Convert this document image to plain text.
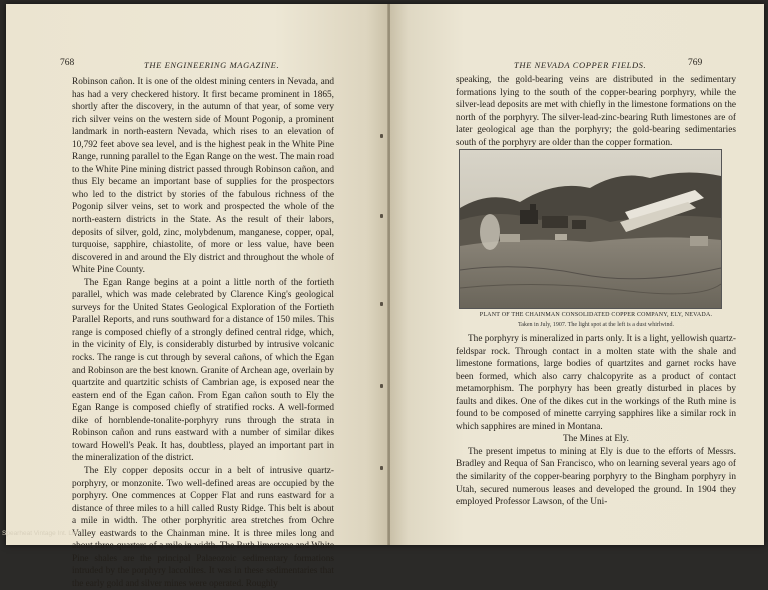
768	THE ENGINEERING MAGAZINE.

Robinson cañon. It is one of the oldest mining centers in Nevada, and has had a very checkered history. It first became prominent in 1865, shortly after the discovery, in the autumn of that year, of some very rich silver veins on the western side of Mount Pogonip, a prominent landmark in north-eastern Nevada, which rises to an elevation of 10,792 feet above sea level, and is the highest peak in the White Pine Range, running parallel to the Egan Range on the west. The main road to the White Pine mining district passed through Robinson cañon, and thus Ely became an important base of supplies for the prospectors who led to the district by stories of the fabulous richness of the Pogonip silver veins, set to work and prospected the whole of the north-eastern districts in the State. As the result of their labors, deposits of silver, gold, zinc, molybdenum, manganese, copper, opal, turquoise, sapphire, chiastolite, of more or less value, have been discovered in and around the Ely district and throughout the whole of White Pine County.

The Egan Range begins at a point a little north of the fortieth parallel, which was made celebrated by Clarence King's geological surveys for the United States Geological Exploration of the Fortieth Parallel Reports, and runs southward for a distance of 150 miles. This range is composed chiefly of a strongly defined central ridge, which, in the vicinity of Ely, is considerably disturbed by intrusive volcanic rocks. The range is cut through by several cañons, of which the Egan and Robinson are the best known. Granite of Archean age, overlain by quartzite and quartzitic schists of Cambrian age, is exposed near the eastern end of the Egan cañon. From Egan cañon south to Ely the Egan Range is composed chiefly of stratified rocks. A well-formed dike of hornblende-tonalite-porphyry runs through the strata in Robinson cañon and runs eastward with a number of similar dikes toward Howell's Peak. It has, doubtless, played an important part in the mineralization of the district.

The Ely copper deposits occur in a belt of intrusive quartz-porphyry, or monzonite. Two well-defined areas are occupied by the porphyry. One commences at Copper Flat and runs eastward for a distance of three miles to a hill called Rusty Ridge. This belt is about a mile in width. The other porphyritic area stretches from Ochre Valley eastwards to the Chainman mine. It is three miles long and about three-quarters of a mile in width. The Ruth limestone and White Pine shales are the principal Palaeozoic sedimentary formations intruded by the porphyry laccolites. It was in these sedimentaries that the early gold and silver mines were operated. Roughly

THE NEVADA COPPER FIELDS.	769

speaking, the gold-bearing veins are distributed in the sedimentary formations lying to the south of the copper-bearing porphyry, while the silver-lead deposits are met with chiefly in the limestone formations on the north of the porphyry. The silver-lead-zinc-bearing Ruth limestones are of later geological age than the porphyry; the gold-bearing sedimentaries south of the porphyry are older than the copper formation.

PLANT OF THE CHAINMAN CONSOLIDATED COPPER COMPANY, ELY, NEVADA.
Taken in July, 1907. The light spot at the left is a dust whirlwind.

The porphyry is mineralized in parts only. It is a light, yellowish quartz-feldspar rock. Through contact in a molten state with the shale and limestone formations, large bodies of quartzites and garnet rocks have been formed, which also carry chalcopyrite as a product of contact metamorphism. The porphyry has been greatly disturbed in places by faults and dikes. One of the dikes cut in the workings of the Ruth mine is found to be composed of minette carrying sapphires like a similar rock in which sapphires are mined in Montana.

The Mines at Ely.

The present impetus to mining at Ely is due to the efforts of Messrs. Bradley and Requa of San Francisco, who on learning several years ago of the similarity of the copper-bearing porphyry to the Bingham porphyry in Utah, secured numerous leases and developed the ground. In 1904 they employed Professor Lawson, of the Uni-

Spearheat Vintage Int. Ltd
